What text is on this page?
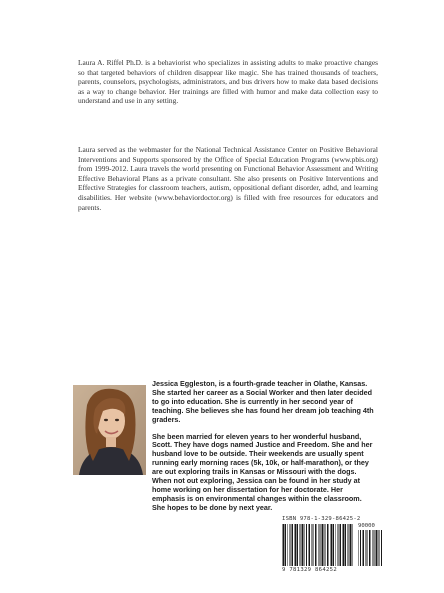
Laura A. Riffel Ph.D. is a behaviorist who specializes in assisting adults to make proactive changes so that targeted behaviors of children disappear like magic. She has trained thousands of teachers, parents, counselors, psychologists, administrators, and bus drivers how to make data based decisions as a way to change behavior. Her trainings are filled with humor and make data collection easy to understand and use in any setting.
Laura served as the webmaster for the National Technical Assistance Center on Positive Behavioral Interventions and Supports sponsored by the Office of Special Education Programs (www.pbis.org) from 1999-2012. Laura travels the world presenting on Functional Behavior Assessment and Writing Effective Behavioral Plans as a private consultant. She also presents on Positive Interventions and Effective Strategies for classroom teachers, autism, oppositional defiant disorder, adhd, and learning disabilities. Her website (www.behaviordoctor.org) is filled with free resources for educators and parents.

Jessica Eggleston, is a fourth-grade teacher in Olathe, Kansas. She started her career as a Social Worker and then later decided to go into education. She is currently in her second year of teaching. She believes she has found her dream job teaching 4th graders.

She been married for eleven years to her wonderful husband, Scott. They have dogs named Justice and Freedom. She and her husband love to be outside. Their weekends are usually spent running early morning races (5k, 10k, or half-marathon), or they are out exploring trails in Kansas or Missouri with the dogs. When not out exploring, Jessica can be found in her study at home working on her dissertation for her doctorate. Her emphasis is on environmental changes within the classroom. She hopes to be done by next year.

ISBN 978-1-329-86425-2
90000
9 781329 864252
